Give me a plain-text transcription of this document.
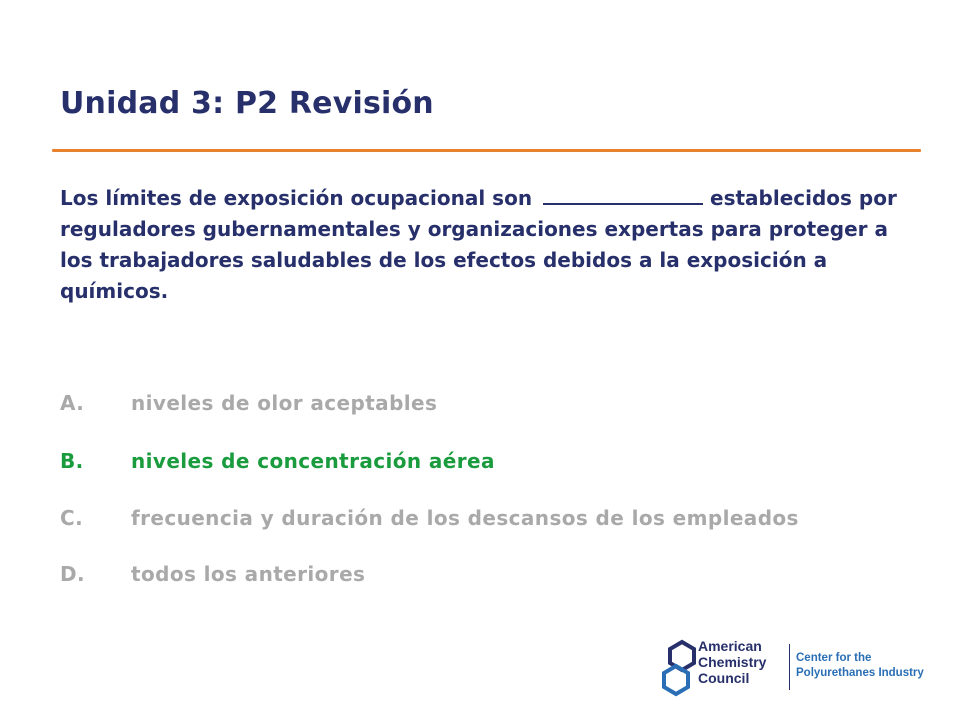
Unidad 3: P2 Revisión
Los límites de exposición ocupacional son	establecidos por reguladores gubernamentales y organizaciones expertas para proteger a los trabajadores saludables de los efectos debidos a la exposición a químicos.
A. niveles de olor aceptables
B. niveles de concentración aérea
C. frecuencia y duración de los descansos de los empleados
D. todos los anteriores
American
Chemistry
Council
Center for the
Polyurethanes Industry
